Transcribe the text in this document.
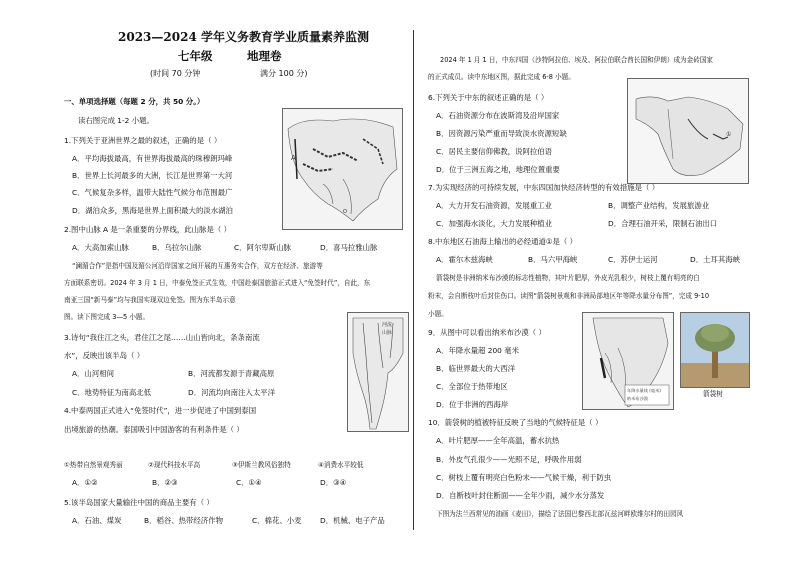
2023—2024 学年义务教育学业质量素养监测
七年级	地理卷
(时间 70 分钟	满分 100 分)
一、单项选择题（每题 2 分，共 50 分。）
读右图完成 1-2 小题。
A
O
1.下列关于亚洲世界之最的叙述，正确的是（ ）
A．平均海拔最高，有世界海拔最高的珠穆朗玛峰
B．世界上长河最多的大洲，长江是世界第一大河
C．气候复杂多样，温带大陆性气候分布范围最广
D．湖泊众多，黑海是世界上面积最大的淡水湖泊
2.图中山脉 A 是一条重要的分界线，此山脉是（ ）
A．大高加索山脉	B．乌拉尔山脉	C．阿尔卑斯山脉	D．喜马拉雅山脉
“澜湄合作”是指中国及湄公河沿岸国家之间开展的互惠务实合作，双方在经济、旅游等
方面联系密切。2024 年 3 月 1 日，中泰免签正式生效，中国赴泰国旅游正式进入“免签时代”，自此，东
南亚三国“新马泰”均与我国实现双边免签。图为东半岛示意
图。读下图完成 3—5 小题。
河流
山脉
3.诗句“我住江之头，君住江之尾……山山皆向北，条条南流
水”，反映出该半岛（ ）
A．山河相间	B．河流都发源于青藏高原
C．地势特征为南高北低	D．河流均向南注入太平洋
4.中泰两国正式进入“免签时代”，进一步促进了中国到泰国
出境旅游的热潮。泰国吸引中国游客的有利条件是（ ）
①热带自然景观秀丽	②现代科技水平高	③伊斯兰教风俗独特	④消费水平较低
A．①②	B．②③	C．①④	D．③④
5.该半岛国家大量输往中国的商品主要有（ ）
A．石油、煤炭	B．稻谷、热带经济作物	C．棉花、小麦 D．机械、电子产品
2024 年 1 月 1 日，中东四国（沙特阿拉伯、埃及、阿拉伯联合酋长国和伊朗）成为金砖国家
的正式成员。读中东地区图，据此完成 6-8 小题。
①
6.下列关于中东的叙述正确的是（ ）
A．石油资源分布在波斯湾及沿岸国家
B．因资源污染严重而导致淡水资源短缺
C．居民主要信仰佛教，说阿拉伯语
D．位于三洲五海之地，地理位置重要
7.为实现经济的可持续发展，中东四国加快经济转型的有效措施是（ ）
A．大力开发石油资源，发展重工业	B．调整产业结构，发展旅游业
C．加强海水淡化，大力发展种植业	D．合理石油开采，限制石油出口
8.中东地区石油海上输出的必经通道①是（ ）
A．霍尔木兹海峡	B．马六甲海峡	C．苏伊士运河	D．土耳其海峡
箭袋树是非洲纳米布沙漠的标志性植物，其叶片肥厚，外皮光乳根少，树枝上覆有明亮的白
粉末，会自断枝叶后封住伤口。读图“箭袋树景观和非洲局部地区年等降水量分布图”，完成 9-10
小题。
年降水量线 (毫米)
纳米布沙漠
箭袋树
9．从图中可以看出纳米布沙漠（ ）
A．年降水量超 200 毫米
B．临世界最大的大西洋
C．全部位于热带地区
D．位于非洲的西海岸
10．箭袋树的植被特征反映了当地的气候特征是（ ）
A．叶片肥厚——全年高温，蓄水抗热
B．外皮气孔很少——光照不足，呼吸作用弱
C．树枝上覆有明亮白色粉末——气候干燥，利于防虫
D．自断枝叶封住断面——全年少雨，减少水分蒸发
下图为法兰西常见的油画《麦田》，描绘了法国巴黎西北部瓦兹河畔欧维尔村的田园风
